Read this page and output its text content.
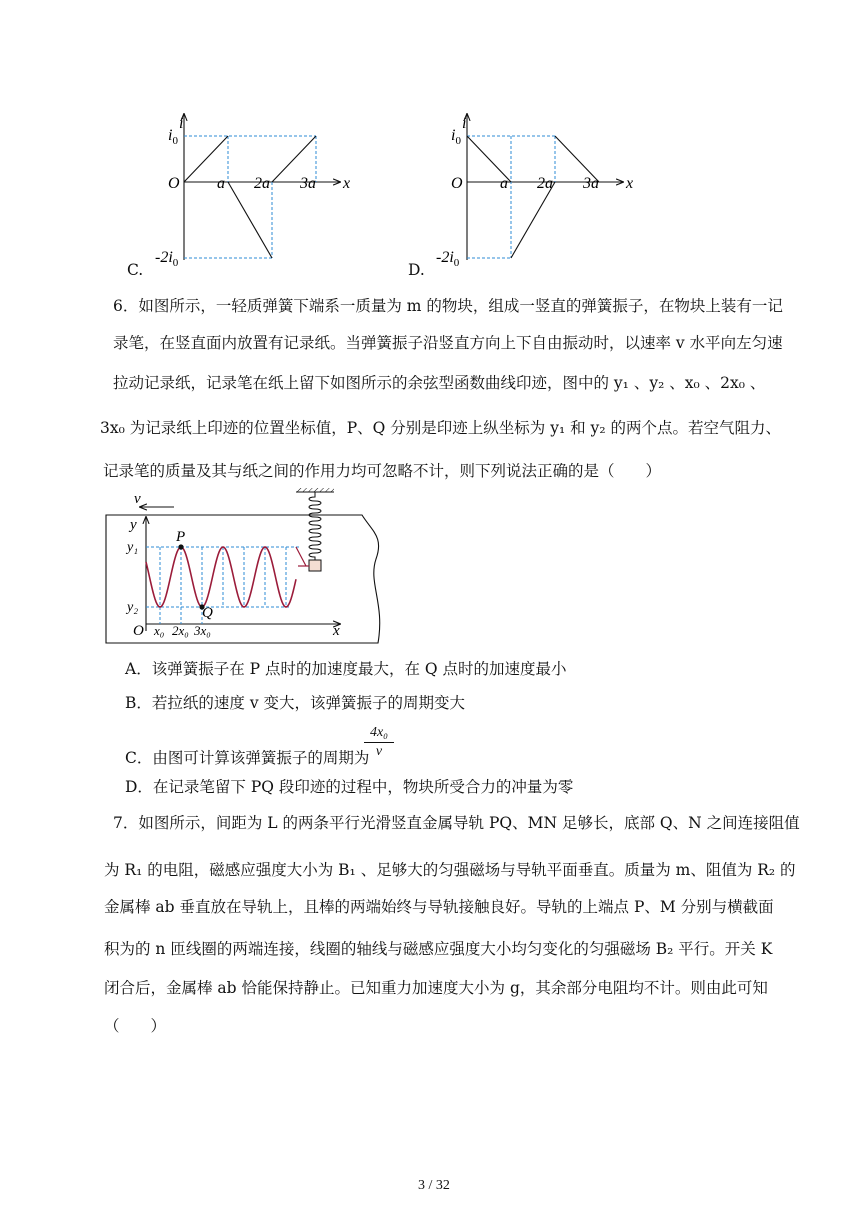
i
x
O
$i_0$
$-2i_0$
a 2a 3a
C.
i
x
O
$i_0$
$-2i_0$
a 2a 3a
D.
6．如图所示，一轻质弹簧下端系一质量为 m 的物块，组成一竖直的弹簧振子，在物块上装有一记
录笔，在竖直面内放置有记录纸。当弹簧振子沿竖直方向上下自由振动时，以速率 v 水平向左匀速
拉动记录纸，记录笔在纸上留下如图所示的余弦型函数曲线印迹，图中的 y₁ 、y₂ 、x₀ 、2x₀ 、
3x₀ 为记录纸上印迹的位置坐标值，P、Q 分别是印迹上纵坐标为 y₁ 和 y₂ 的两个点。若空气阻力、
记录笔的质量及其与纸之间的作用力均可忽略不计，则下列说法正确的是（　　）
v
y
x
O
y₁
y₂
P
Q
x₀ 2x₀ 3x₀
A．该弹簧振子在 P 点时的加速度最大，在 Q 点时的加速度最小
B．若拉纸的速度 v 变大，该弹簧振子的周期变大
C．由图可计算该弹簧振子的周期为
$\frac{\text{4x₀}}{v}$
D．在记录笔留下 PQ 段印迹的过程中，物块所受合力的冲量为零
7．如图所示，间距为 L 的两条平行光滑竖直金属导轨 PQ、MN 足够长，底部 Q、N 之间连接阻值
为 R₁ 的电阻，磁感应强度大小为 B₁ 、足够大的匀强磁场与导轨平面垂直。质量为 m、阻值为 R₂ 的
金属棒 ab 垂直放在导轨上，且棒的两端始终与导轨接触良好。导轨的上端点 P、M 分别与横截面
积为的 n 匝线圈的两端连接，线圈的轴线与磁感应强度大小均匀变化的匀强磁场 B₂ 平行。开关 K
闭合后，金属棒 ab 恰能保持静止。已知重力加速度大小为 g，其余部分电阻均不计。则由此可知
（　　）
3 / 32
